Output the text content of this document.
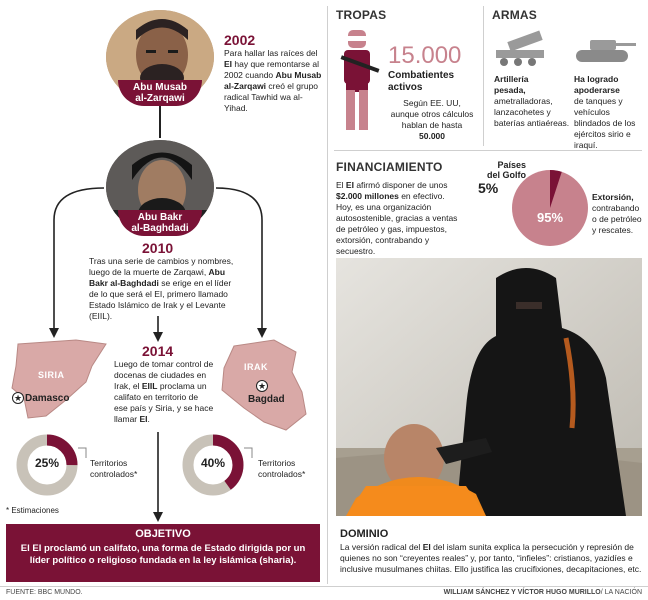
Abu Musab
al-Zarqawi
2002
Para hallar las raíces del EI hay que remontarse al 2002 cuando Abu Musab al-Zarqawi creó el grupo radical Tawhid wa al-Yihad.
Abu Bakr
al-Baghdadi
2010
Tras una serie de cambios y nombres, luego de la muerte de Zarqawi, Abu Bakr al-Baghdadi se erige en el líder de lo que será el EI, primero llamado Estado Islámico de Irak y el Levante (EIIL).
2014
Luego de tomar control de docenas de ciudades en Irak, el EIIL proclama un califato en territorio de ese país y Siria, y se hace llamar EI.
SIRIA
★ Damasco
IRAK
★
Bagdad
25%	Territorios
controlados*
40%	Territorios
controlados*
* Estimaciones
OBJETIVO
El EI proclamó un califato, una forma de Estado dirigida por un líder político o religioso fundada en la ley islámica (sharia).
TROPAS
15.000
Combatientes
activos
Según EE. UU,
aunque otros cálculos
hablan de hasta
50.000
ARMAS
Artillería
pesada,
ametralladoras, lanzacohetes y baterías antiaéreas.
Ha logrado
apoderarse
de tanques y vehículos blindados de los ejércitos sirio e iraquí.
FINANCIAMIENTO
El EI afirmó disponer de unos $2.000 millones en efectivo. Hoy, es una organización autosostenible, gracias a ventas de petróleo y gas, impuestos, extorsión, contrabando y secuestro.
Países
del Golfo
5%
95%
Extorsión,
contrabando o de petróleo y rescates.
DOMINIO
La versión radical del EI del islam sunita explica la persecución y represión de quienes no son “creyentes reales” y, por tanto, “infieles”: cristianos, yazidíes e inclusive musulmanes chiitas. Ello justifica las crucifixiones, decapitaciones, etc.
FUENTE: BBC MUNDO.	WILLIAM SÁNCHEZ Y VÍCTOR HUGO MURILLO/ LA NACIÓN
